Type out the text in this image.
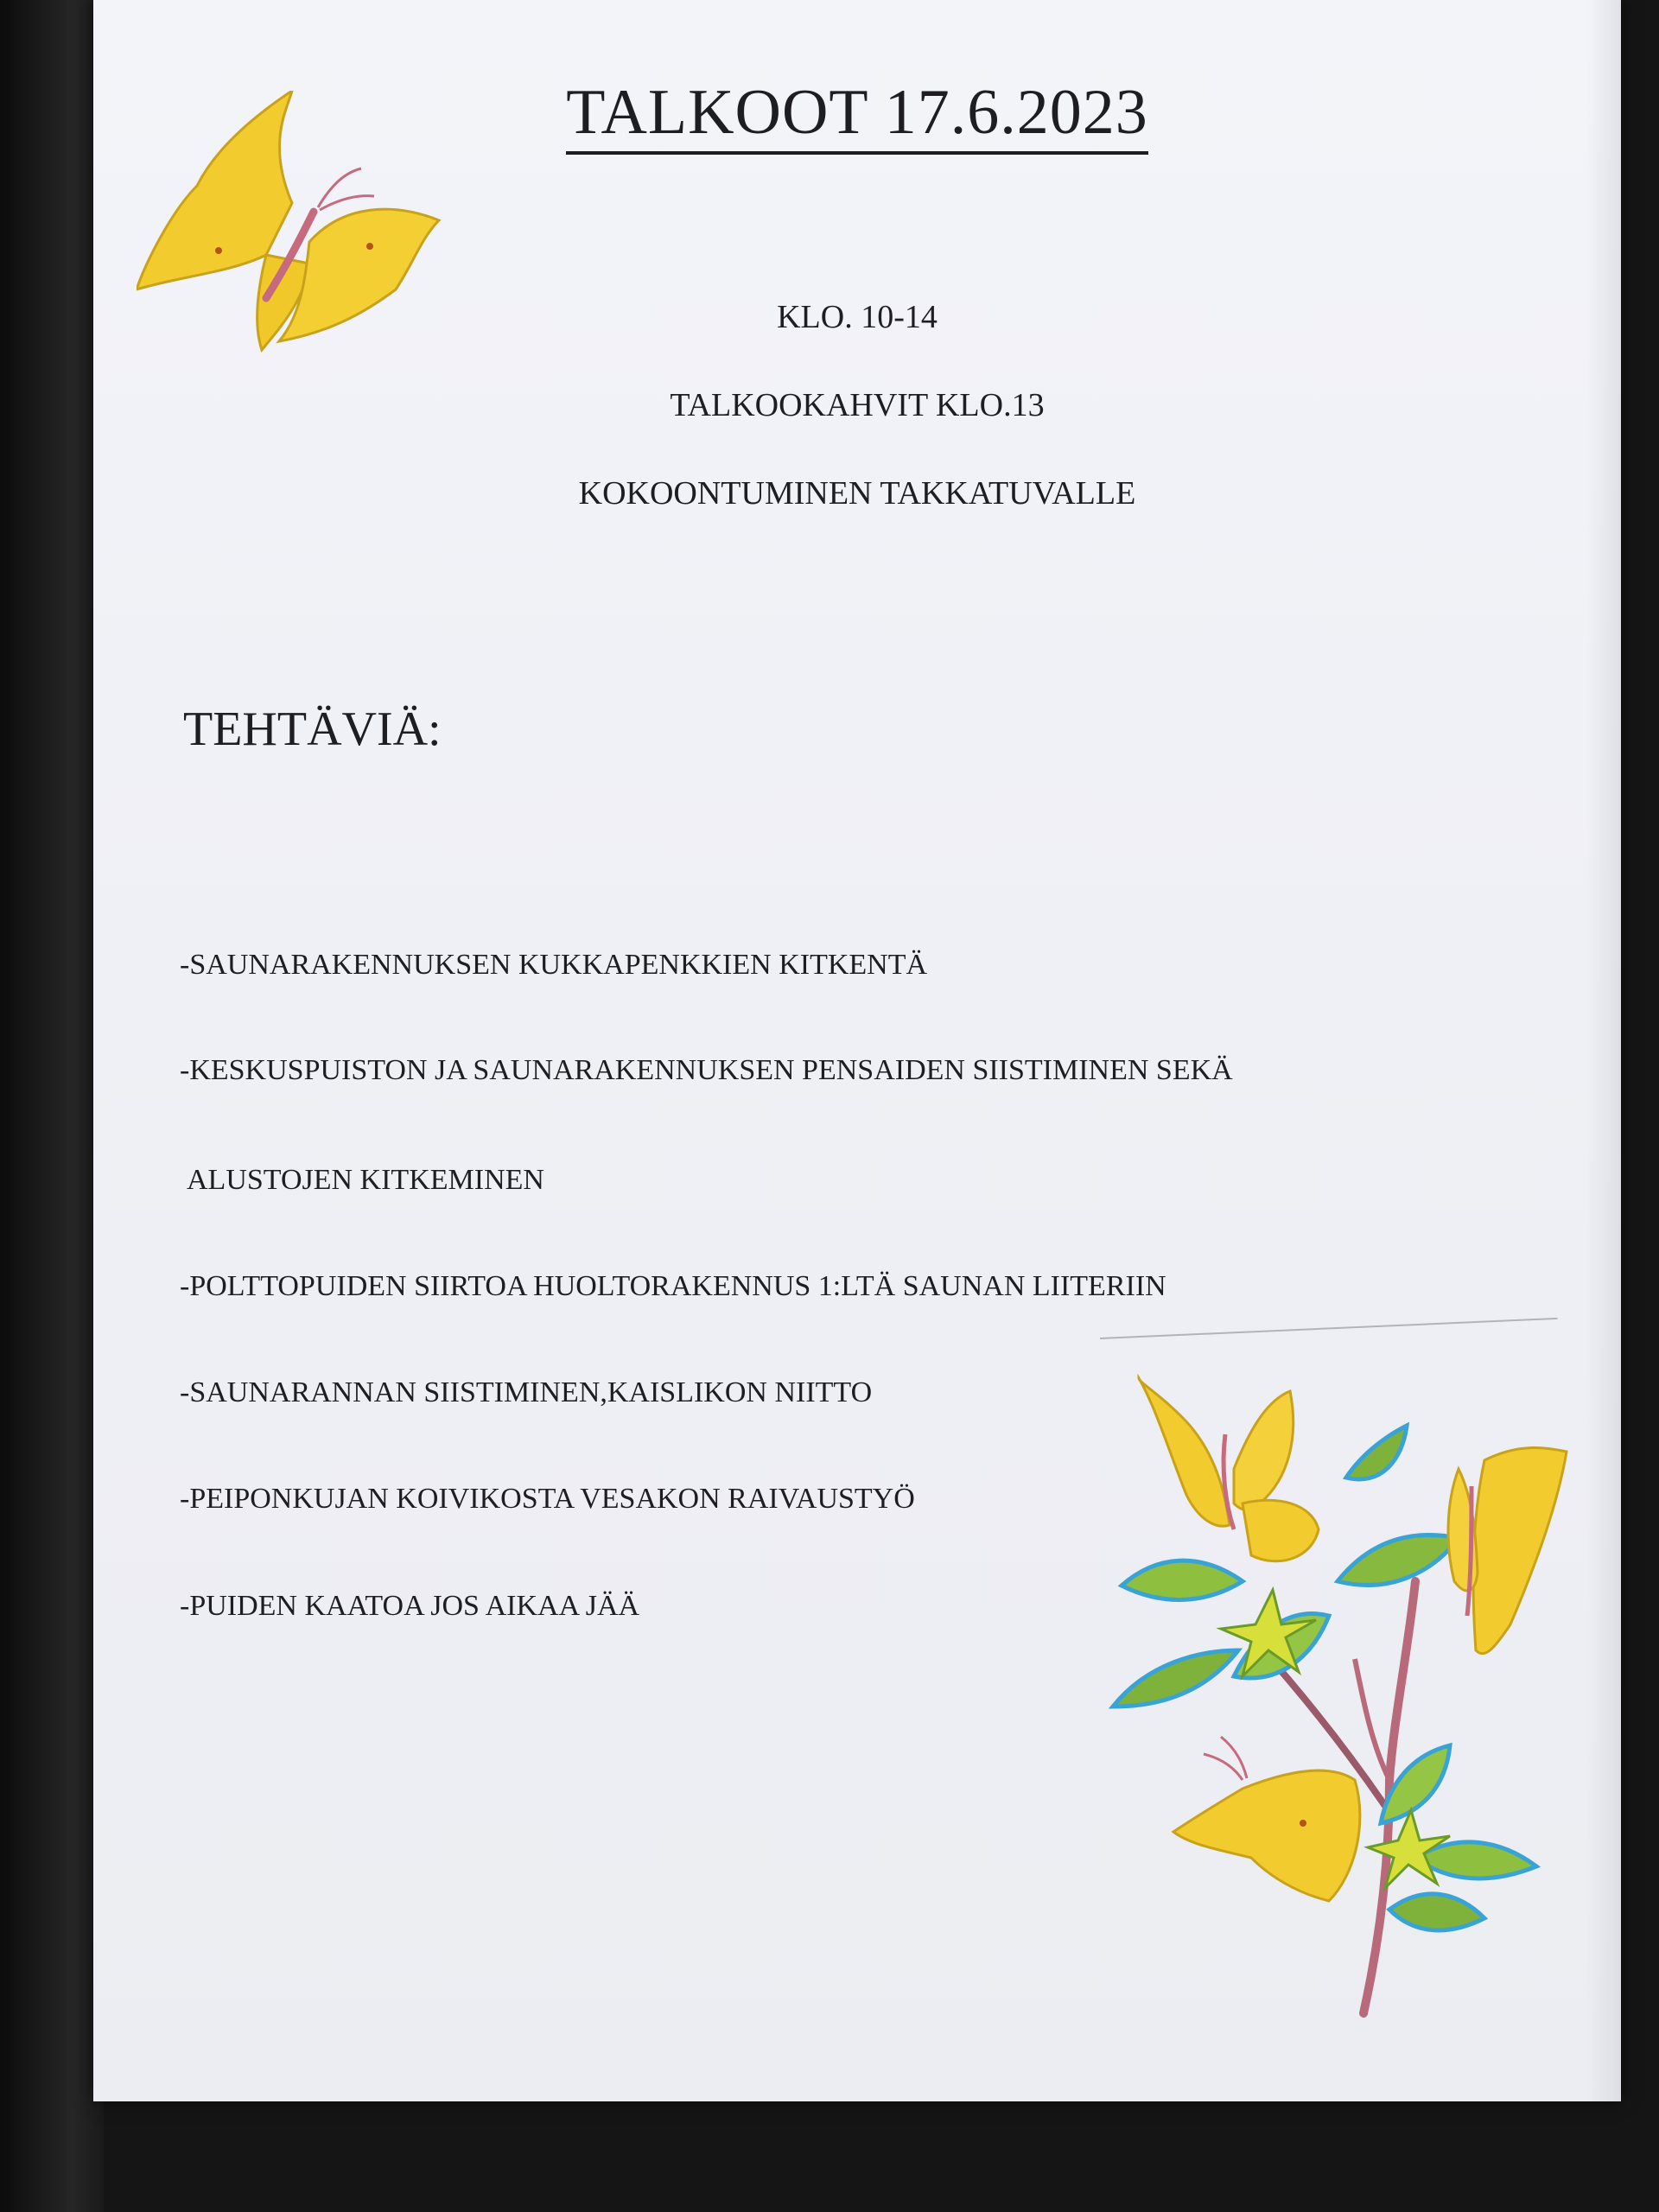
TALKOOT 17.6.2023
KLO. 10-14
TALKOOKAHVIT KLO.13
KOKOONTUMINEN TAKKATUVALLE
TEHTÄVIÄ:
-SAUNARAKENNUKSEN KUKKAPENKKIEN KITKENTÄ
-KESKUSPUISTON JA SAUNARAKENNUKSEN PENSAIDEN SIISTIMINEN SEKÄ
ALUSTOJEN KITKEMINEN
-POLTTOPUIDEN SIIRTOA HUOLTORAKENNUS 1:LTÄ SAUNAN LIITERIIN
-SAUNARANNAN SIISTIMINEN,KAISLIKON NIITTO
-PEIPONKUJAN KOIVIKOSTA VESAKON RAIVAUSTYÖ
-PUIDEN KAATOA JOS AIKAA JÄÄ
